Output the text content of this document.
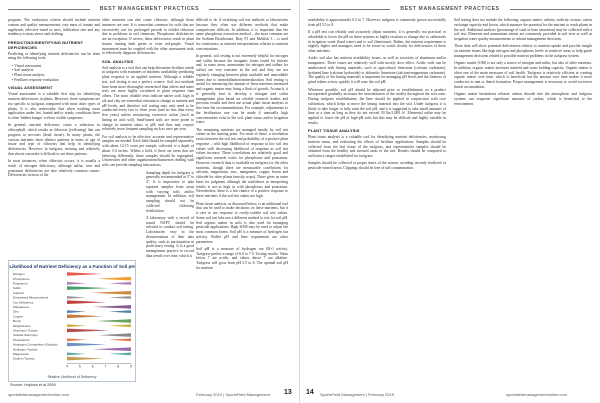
BEST MANAGEMENT PRACTICES

program. The evaluation criteria should include nutrient content and quality measurements, root mass of tomato and sagebrush, effective stand in sites, infiltration rate and any tendency to mass stress and clothing.

PREDICTING/IDENTIFYING NUTRIENT DEFICIENCIES

Predicting or identifying nutrient deficiencies can be done using the following tools:

• Visual assessment
• Soil analysis
• Plant tissue analysis
• Fertilizer response evaluation
VISUAL ASSESSMENT

Visual assessment is a valuable first step for identifying nutrient deficiencies in plants. However, these symptoms are too specific to turfgrass compared with most other types of plants. It is also noteworthy that when working areas application under hot, humid and/or windy conditions there is often 'hidden hunger' with no visible symptoms.

In general, nutrient deficiency cause a reduction in chlorophyll, which results in chlorosis (yellowing) that can progress to necrosis (dead tissue). In many plants, the various nutrients show distinct patterns in terms of age of tissue and type of chlorosis that help in identifying deficiencies. However, in turfgrass, mowing and relatively thin shoots can make it difficult to see these patterns.

In most instances, when chlorosis occurs, it is usually a result of nitrogen deficiency, although sulfur, iron and potassium deficiencies are also relatively common causes. Deficiencies in most of the

other nutrients can also cause chlorosis, although these instances are rare. It is somewhat common for soils that are excessively wet for prolonged periods to exhibit chlorosis due to problems in soil chemistry. Phosphorus deficiencies are an exception. If severe, these deficiencies result in plant tissues turning dark green or even red-purple. Visual assessment must be coupled with the other assessment tools to effectively diagnose deficiencies.

SOIL ANALYSIS

Soil analysis is a tool that can help determine fertilizer needs in turfgrass with estimates of nutrients availability predicting plant response to an applied nutrient. Although a reliable test, soil testing is not a perfect science. Soil test methods have been more thoroughly researched than others and some tests are more highly correlated to plant response than others. The most reliable tests indicate native soils high in silt and clay are somewhat resistant to change in nutrient and pH levels, and therefore soil testing may only need to be conducted every two to three years (and no less than every five years) unless monitoring corrective action (such as liming an acid soil). Sand-based soils are more prone to change in nutrient status or pH, and thus may require relatively more frequent sampling such as once per year.

For soil analysis to be effective, accurate and representative samples are needed. Each field should be sampled separately, with about 12-15 cores per sample, collected to a depth of about 3-4 inches. Within a field, if there are areas that are behaving differently, these samples should be segregated. Universities and other organizations/businesses dealing with soils can provide sampling instructions.

Sampling depth for turfgrass is generally recommended at 3" to 4". It is imperative to take separate samples from areas with varying soils and/or management. In addition, soil sampling should not be collected following fertilization.

A laboratory with a record of sound NAPT should be selected to conduct soil testing. Laboratories vary in the documentation of their data quality, such as participation in proficiency testing. It is a good management practice to record data trends over time, which is

difficult to do if switching soil test methods or laboratories because they often use different methods that make comparisons difficult. In addition, it is important that the same phosphorus extraction method – the most common are the Sodium Bicarbonate, Bray P1 and Mehlich 3 – is used for consistency as nutrient interpretations relative to nutrient concentrations.

In general, soil testing is not extremely helpful for nitrogen and sulfur because the inorganic forms tested for (nitrate and, in some areas, ammonium for nitrogen and sulfate for sulfur) are very transient in the soil and they are not regularly changing between plant available and unavailable forms due to immobilization/mineralization. Soil testing is useful for measuring the amount of these nutrients measured and organic matter may bring a flush of growth. As much, it is generally best to develop a nitrogen and sulfur management plan based on reliable research studies and previous results and then use actual plant tissue analysis to fine-tune the recommendations. For example, adjustments to the fertilization rate can be made if unusually high concentrations exist in the soil, plant tissue and/or irrigation water.

The remaining nutrients are managed mostly by soil test values as the starting point. For most of these, a correlation exists between the soil test and probability of a positive plant response – with high likelihood of response at low soil test values with decreasing likelihood of response as soil test values increase. These correlations are relatively good and significant research exists for phosphorus and potassium. However, research data is available on turfgrass for the other nutrients, though there are measurable correlations for calcium, magnesium, zinc, manganese, copper, boron and chloride for other plants (mostly crops). These gives us some basis for judgment although the confidence in interpreting results is not as high as with phosphorus and potassium. Nevertheless, there is a fair chance of a positive response to these nutrients if the soil test values are high.

Plant tissue analysis, as discussed below, is an additional tool that can be used to make decisions on these nutrients, but it is rare to see response to overly-soluble soil test values. Some soil test labs use a different method to test for soil pH. Soil organic matter in soils is also used for managing pesticide applications. High SOM may be used to adjust the most common forms. Soil pH is a measure of hydrogen ion activity. Buffer pH and lime requirement are other parameters.

Soil pH is a measure of hydrogen ion (H+) activity. Turfgrass prefers a range of 6.0 to 7.0. Testing results: Value below 7 are acidic, and values above 7 are alkaline. Turfgrass will grow from pH 5.5 to 8. The optimal soil pH for nutrient

Likelihood of Nutrient Deficiency as a Function of Soil pH
Nitrogen
Phosphorus
Potassium
Sulfur
Calcium
Decreased Micronutrients
Iron Deficiency
Manganese
Zinc
Copper
Boron
Molybdenum
Aluminum Toxicity
Soluble Salt Injury
Phosphorus
Hydrogen Competition (Sodicity)
Hydrogen Toxicity
Magnesium
Sodium Toxicity
4	5	6	7	8	9
Relative Likelihood of Deficiency
Source: Hopkins et al 2008
sportsfieldmanagementonline.com	February 2019 | SportsField Management 13
BEST MANAGEMENT PRACTICES

availability is approximately 6.5 to 7. However, turfgrass is commonly grown successfully from pH 5.5 to 8.

If a pH test can reliably and accurately adjust nutrients, it is generally not practical or affordable to lower the pH on these systems as highly resistant to change due to carbonates in irrigation water (hard water) and to soil (limestone). Rather, the nutrient requirement is slightly higher and managers need to be aware to watch closely for deficiencies of these other nutrients.

Acidic soil also has nutrient availability issues, as well as toxicities of aluminum and/or manganese. These issues are relatively well with mostly slow effect. Acidic soils can be ameliorated with liming materials, such as agricultural limestone (calcium carbonate), hydrated lime (calcium hydroxide) or dolomitic limestone (calcium-magnesium carbonate). The quality of the liming materials is important for managing pH levels and the fineness of grind relates to how quickly it will raise the soil pH.

Whenever possible, soil pH should be adjusted prior to establishment, as a product incorporated gradually increases the neutralization of the acidity throughout the root zone. During turfgrass establishment, the lime should be applied in conjunction with core cultivation, which helps to move the liming material into the soil. Under turfgrass it is likely to take longer to fully raise the soil pH, and it is suggested to take small amounts of lime at a time as long as they do not exceed 50 lbs/1,000 ft². Elemental sulfur may be applied to lower the pH of high-pH soils but this may be difficult and highly variable in results.

PLANT TISSUE ANALYSIS

Plant tissue analysis is a valuable tool for identifying nutrient deficiencies, monitoring nutrient status, and evaluating the effects of fertilizer applications. Samples should be collected from the leaf tissue of the turfgrass, and representative samples should be obtained from the healthy and stressed areas of the turf. Results should be compared to sufficiency ranges established for turfgrass.

Samples should be collected at proper times of the season, avoiding recently fertilized or pesticide-treated areas. Clippings should be free of soil contamination.

Soil testing does not include the following: organic matter, salinity, sodicity, texture, cation exchange capacity and boron, which measure the potential for the nutrient to reach plants in the soil. Additional analysis (percentage of total or base saturation) may be collected with a soil test. Elements and ammonium nitrate are commonly provided in soil tests as well as irrigation water quality measurements to inform management decisions.

These data will show potential deficiencies relative to nutrient uptake and provide insight on nutrient issues like high nitrogen and phosphorus levels in sensitive areas to help guide management decisions related to possible nutrient problems in the turfgrass system.

Organic matter (OM) is not only a source of nitrogen and sulfur, but also of other nutrients. In addition, organic matter increases nutrient and water holding capacity. Organic matter is often one of the main measures of soil health. Turfgrass is relatively efficient at creating organic matter over time, which is beneficial but the amount over time makes it more conducive to mat or thatch formation. Proper management is necessary to avoid excessive thatch accumulation.

Organic matter breakdown releases carbon dioxide into the atmosphere, and turfgrass systems can sequester significant amounts of carbon, which is beneficial to the environment.

14 SportsField Management | February 2019	sportsfieldmanagementonline.com
